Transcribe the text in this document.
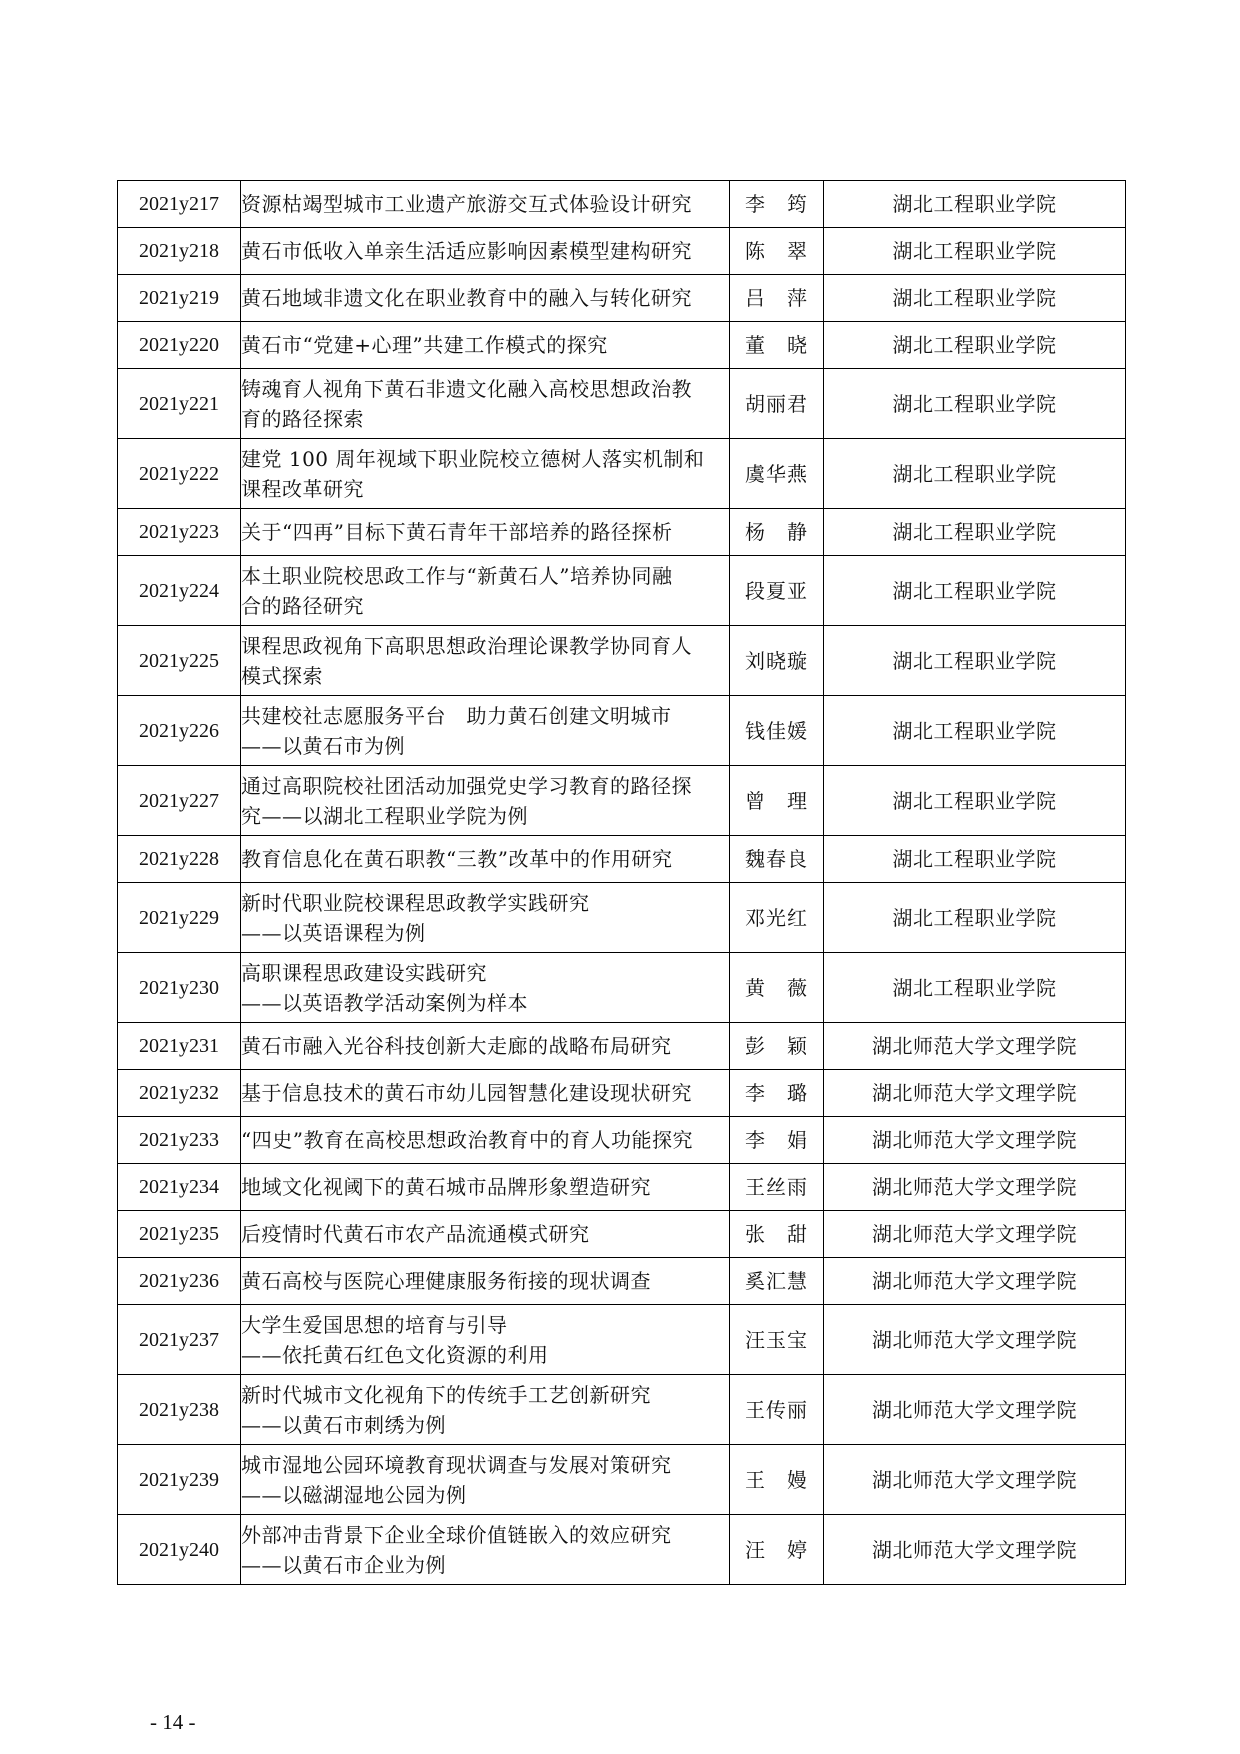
2021y217	资源枯竭型城市工业遗产旅游交互式体验设计研究	李　筠	湖北工程职业学院
2021y218	黄石市低收入单亲生活适应影响因素模型建构研究	陈　翠	湖北工程职业学院
2021y219	黄石地域非遗文化在职业教育中的融入与转化研究	吕　萍	湖北工程职业学院
2021y220	黄石市“党建+心理”共建工作模式的探究	董　晓	湖北工程职业学院
2021y221	铸魂育人视角下黄石非遗文化融入高校思想政治教
育的路径探索	胡丽君	湖北工程职业学院
2021y222	建党 100 周年视域下职业院校立德树人落实机制和
课程改革研究	虞华燕	湖北工程职业学院
2021y223	关于“四再”目标下黄石青年干部培养的路径探析	杨　静	湖北工程职业学院
2021y224	本土职业院校思政工作与“新黄石人”培养协同融
合的路径研究	段夏亚	湖北工程职业学院
2021y225	课程思政视角下高职思想政治理论课教学协同育人
模式探索	刘晓璇	湖北工程职业学院
2021y226	共建校社志愿服务平台　助力黄石创建文明城市
——以黄石市为例	钱佳媛	湖北工程职业学院
2021y227	通过高职院校社团活动加强党史学习教育的路径探
究——以湖北工程职业学院为例	曾　理	湖北工程职业学院
2021y228	教育信息化在黄石职教“三教”改革中的作用研究	魏春良	湖北工程职业学院
2021y229	新时代职业院校课程思政教学实践研究
——以英语课程为例	邓光红	湖北工程职业学院
2021y230	高职课程思政建设实践研究
——以英语教学活动案例为样本	黄　薇	湖北工程职业学院
2021y231	黄石市融入光谷科技创新大走廊的战略布局研究	彭　颖	湖北师范大学文理学院
2021y232	基于信息技术的黄石市幼儿园智慧化建设现状研究	李　璐	湖北师范大学文理学院
2021y233	“四史”教育在高校思想政治教育中的育人功能探究	李　娟	湖北师范大学文理学院
2021y234	地域文化视阈下的黄石城市品牌形象塑造研究	王丝雨	湖北师范大学文理学院
2021y235	后疫情时代黄石市农产品流通模式研究	张　甜	湖北师范大学文理学院
2021y236	黄石高校与医院心理健康服务衔接的现状调查	奚汇慧	湖北师范大学文理学院
2021y237	大学生爱国思想的培育与引导
——依托黄石红色文化资源的利用	汪玉宝	湖北师范大学文理学院
2021y238	新时代城市文化视角下的传统手工艺创新研究
——以黄石市刺绣为例	王传丽	湖北师范大学文理学院
2021y239	城市湿地公园环境教育现状调查与发展对策研究
——以磁湖湿地公园为例	王　嫚	湖北师范大学文理学院
2021y240	外部冲击背景下企业全球价值链嵌入的效应研究
——以黄石市企业为例	汪　婷	湖北师范大学文理学院
- 14 -
